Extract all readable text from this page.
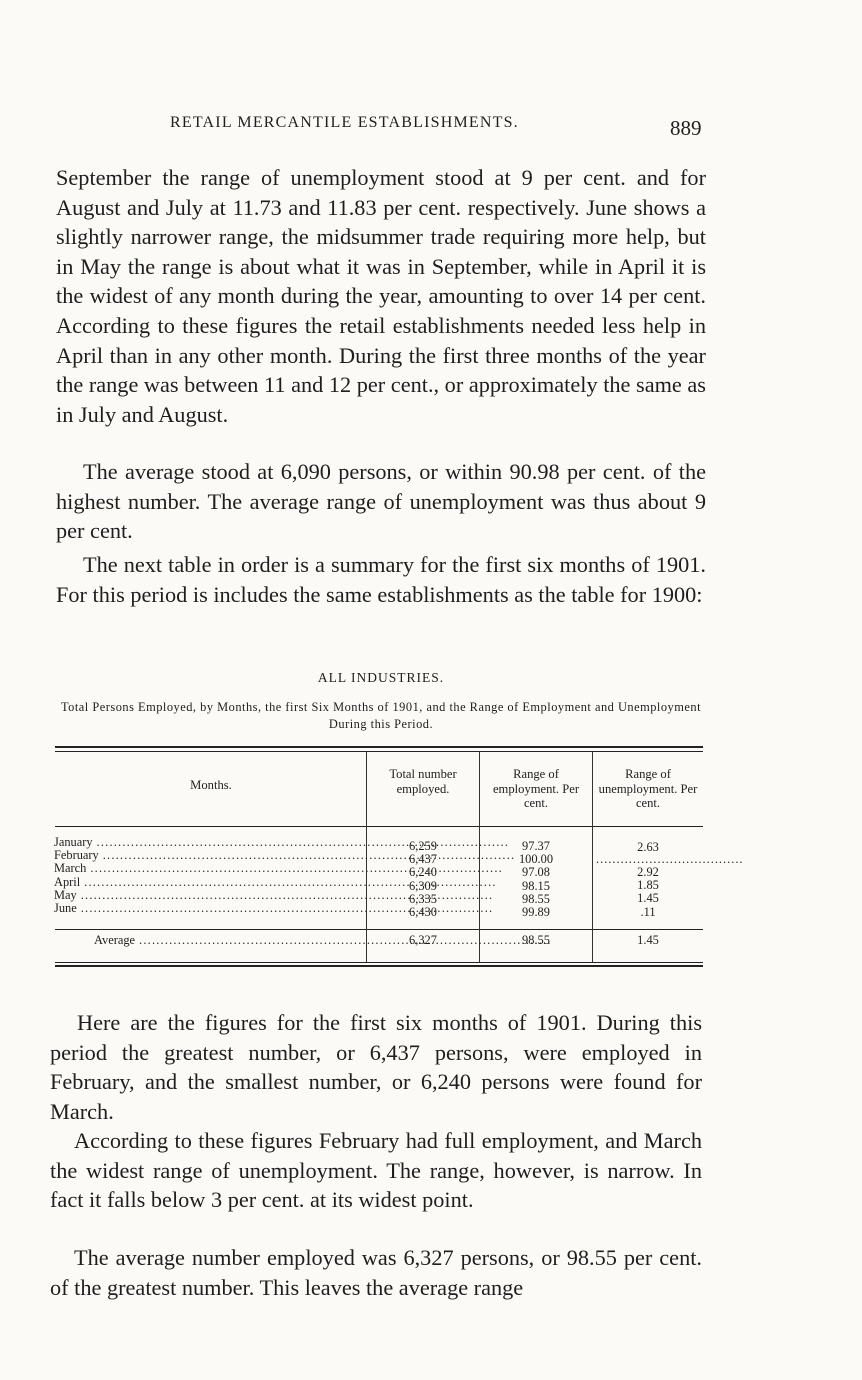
RETAIL MERCANTILE ESTABLISHMENTS.	889

September the range of unemployment stood at 9 per cent. and for August and July at 11.73 and 11.83 per cent. respectively. June shows a slightly narrower range, the midsummer trade requiring more help, but in May the range is about what it was in September, while in April it is the widest of any month during the year, amounting to over 14 per cent. According to these figures the retail establishments needed less help in April than in any other month. During the first three months of the year the range was between 11 and 12 per cent., or approximately the same as in July and August.

The average stood at 6,090 persons, or within 90.98 per cent. of the highest number. The average range of unemployment was thus about 9 per cent.

The next table in order is a summary for the first six months of 1901. For this period is includes the same establishments as the table for 1900:

ALL INDUSTRIES.
Total Persons Employed, by Months, the first Six Months of 1901, and the Range of Employment and Unemployment During this Period.
Months.
Total number employed.
Range of employment. Per cent.
Range of unemployment. Per cent.
January
.....
February
.....
March
.....
April
.....
May
.....
June
.....
6,259
6,437
6,240
6,309
6,335
6,430
97.37
100.00
97.08
98.15
98.55
99.89
2.63
....................................
2.92
1.85
1.45
.11
Average
.....	6,327	98.55	1.45

Here are the figures for the first six months of 1901. During this period the greatest number, or 6,437 persons, were employed in February, and the smallest number, or 6,240 persons were found for March.

According to these figures February had full employment, and March the widest range of unemployment. The range, however, is narrow. In fact it falls below 3 per cent. at its widest point.

The average number employed was 6,327 persons, or 98.55 per cent. of the greatest number. This leaves the average range
